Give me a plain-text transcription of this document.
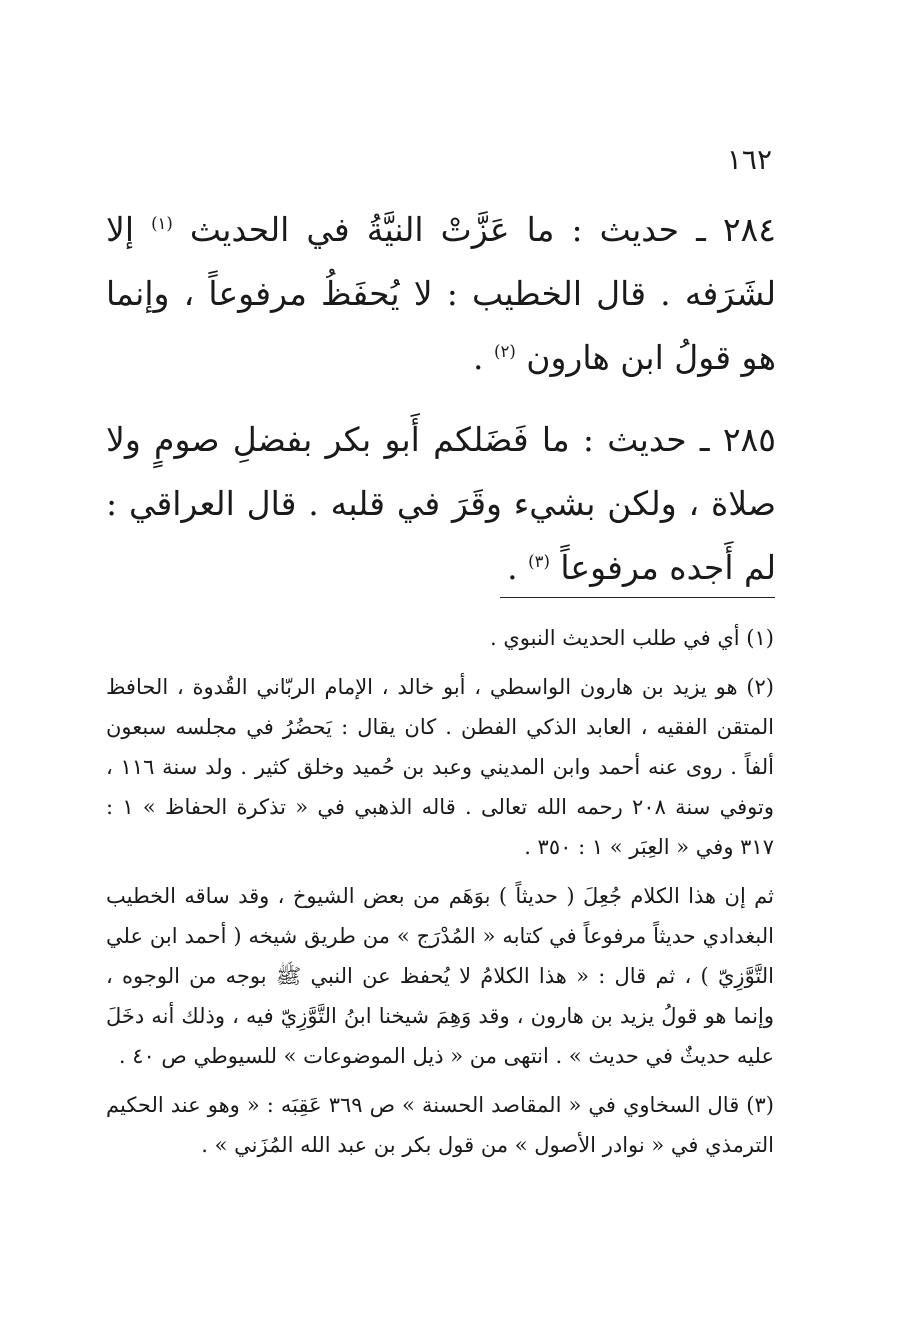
١٦٢

٢٨٤ ـ حديث : ما عَزَّتْ النيَّةُ في الحديث $^{(١)}$ إلا لشَرَفه . قال الخطيب : لا يُحفَظُ مرفوعاً ، وإنما هو قولُ ابن هارون $^{(٢)}$ .

٢٨٥ ـ حديث : ما فَضَلكم أَبو بكر بفضلِ صومٍ ولا صلاة ، ولكن بشيء وقَرَ في قلبه . قال العراقي : لم أَجده مرفوعاً $^{(٣)}$ .

(١) أي في طلب الحديث النبوي .

(٢) هو يزيد بن هارون الواسطي ، أبو خالد ، الإمام الربّاني القُدوة ، الحافظ المتقن الفقيه ، العابد الذكي الفطن . كان يقال : يَحضُرُ في مجلسه سبعون ألفاً . روى عنه أحمد وابن المديني وعبد بن حُميد وخلق كثير . ولد سنة ١١٦ ، وتوفي سنة ٢٠٨ رحمه الله تعالى . قاله الذهبي في « تذكرة الحفاظ » ١ : ٣١٧ وفي « العِبَر » ١ : ٣٥٠ .

ثم إن هذا الكلام جُعِلَ ( حديثاً ) بوَهَم من بعض الشيوخ ، وقد ساقه الخطيب البغدادي حديثاً مرفوعاً في كتابه « المُدْرَج » من طريق شيخه ( أحمد ابن علي التَّوَّزِيّ ) ، ثم قال : « هذا الكلامُ لا يُحفظ عن النبي ﷺ بوجه من الوجوه ، وإنما هو قولُ يزيد بن هارون ، وقد وَهِمَ شيخنا ابنُ التَّوَّزِيّ فيه ، وذلك أنه دخَلَ عليه حديثٌ في حديث » . انتهى من « ذيل الموضوعات » للسيوطي ص ٤٠ .

(٣) قال السخاوي في « المقاصد الحسنة » ص ٣٦٩ عَقِبَه : « وهو عند الحكيم الترمذي في « نوادر الأصول » من قول بكر بن عبد الله المُزَني » .
